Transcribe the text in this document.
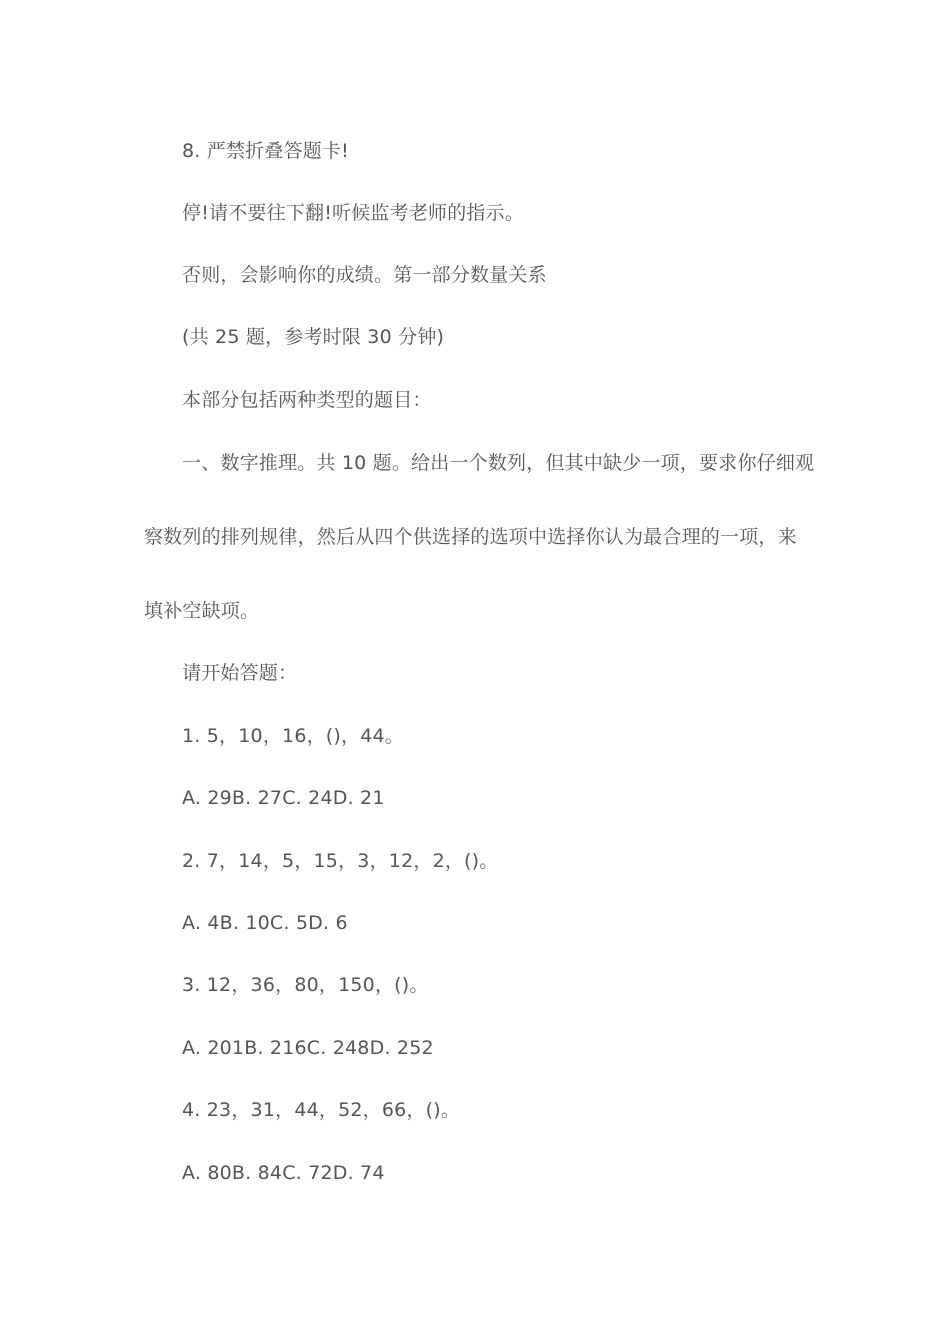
8. 严禁折叠答题卡!
停!请不要往下翻!听候监考老师的指示。
否则，会影响你的成绩。第一部分数量关系
(共 25 题，参考时限 30 分钟)
本部分包括两种类型的题目：
一、数字推理。共 10 题。给出一个数列，但其中缺少一项，要求你仔细观
察数列的排列规律，然后从四个供选择的选项中选择你认为最合理的一项，来
填补空缺项。
请开始答题：
1. 5，10，16，()，44。
A. 29B. 27C. 24D. 21
2. 7，14，5，15，3，12，2，()。
A. 4B. 10C. 5D. 6
3. 12，36，80，150，()。
A. 201B. 216C. 248D. 252
4. 23，31，44，52，66，()。
A. 80B. 84C. 72D. 74
